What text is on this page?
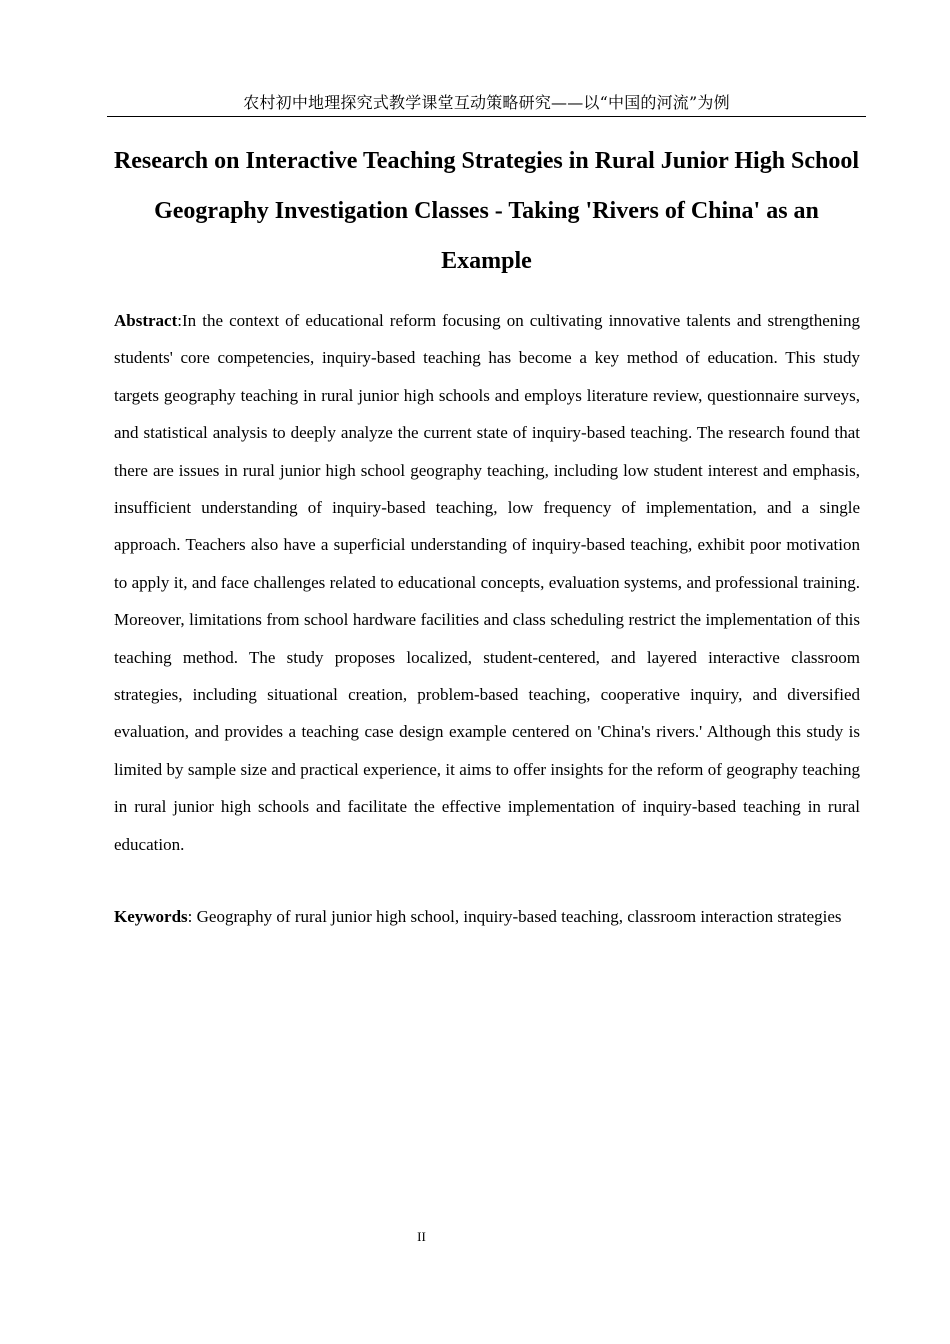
农村初中地理探究式教学课堂互动策略研究——以“中国的河流”为例
Research on Interactive Teaching Strategies in Rural Junior High School Geography Investigation Classes - Taking 'Rivers of China' as an Example

Abstract:In the context of educational reform focusing on cultivating innovative talents and strengthening students' core competencies, inquiry-based teaching has become a key method of education. This study targets geography teaching in rural junior high schools and employs literature review, questionnaire surveys, and statistical analysis to deeply analyze the current state of inquiry-based teaching. The research found that there are issues in rural junior high school geography teaching, including low student interest and emphasis, insufficient understanding of inquiry-based teaching, low frequency of implementation, and a single approach. Teachers also have a superficial understanding of inquiry-based teaching, exhibit poor motivation to apply it, and face challenges related to educational concepts, evaluation systems, and professional training. Moreover, limitations from school hardware facilities and class scheduling restrict the implementation of this teaching method. The study proposes localized, student-centered, and layered interactive classroom strategies, including situational creation, problem-based teaching, cooperative inquiry, and diversified evaluation, and provides a teaching case design example centered on 'China's rivers.' Although this study is limited by sample size and practical experience, it aims to offer insights for the reform of geography teaching in rural junior high schools and facilitate the effective implementation of inquiry-based teaching in rural education.

Keywords: Geography of rural junior high school, inquiry-based teaching, classroom interaction strategies

II
